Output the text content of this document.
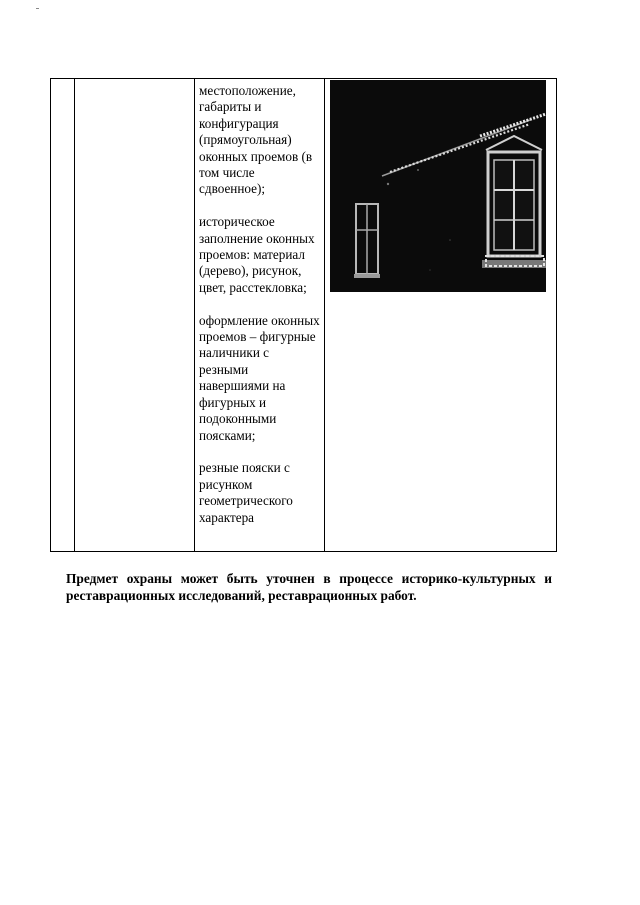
местоположение, габариты и конфигурация (прямоугольная) оконных проемов (в том числе сдвоенное);

историческое заполнение оконных проемов: материал (дерево), рисунок, цвет, расстекловка;

оформление оконных проемов – фигурные наличники с резными навершиями на фигурных и подоконными поясками;

резные пояски с рисунком геометрического характера

Предмет охраны может быть уточнен в процессе историко-культурных и реставрационных исследований, реставрационных работ.
